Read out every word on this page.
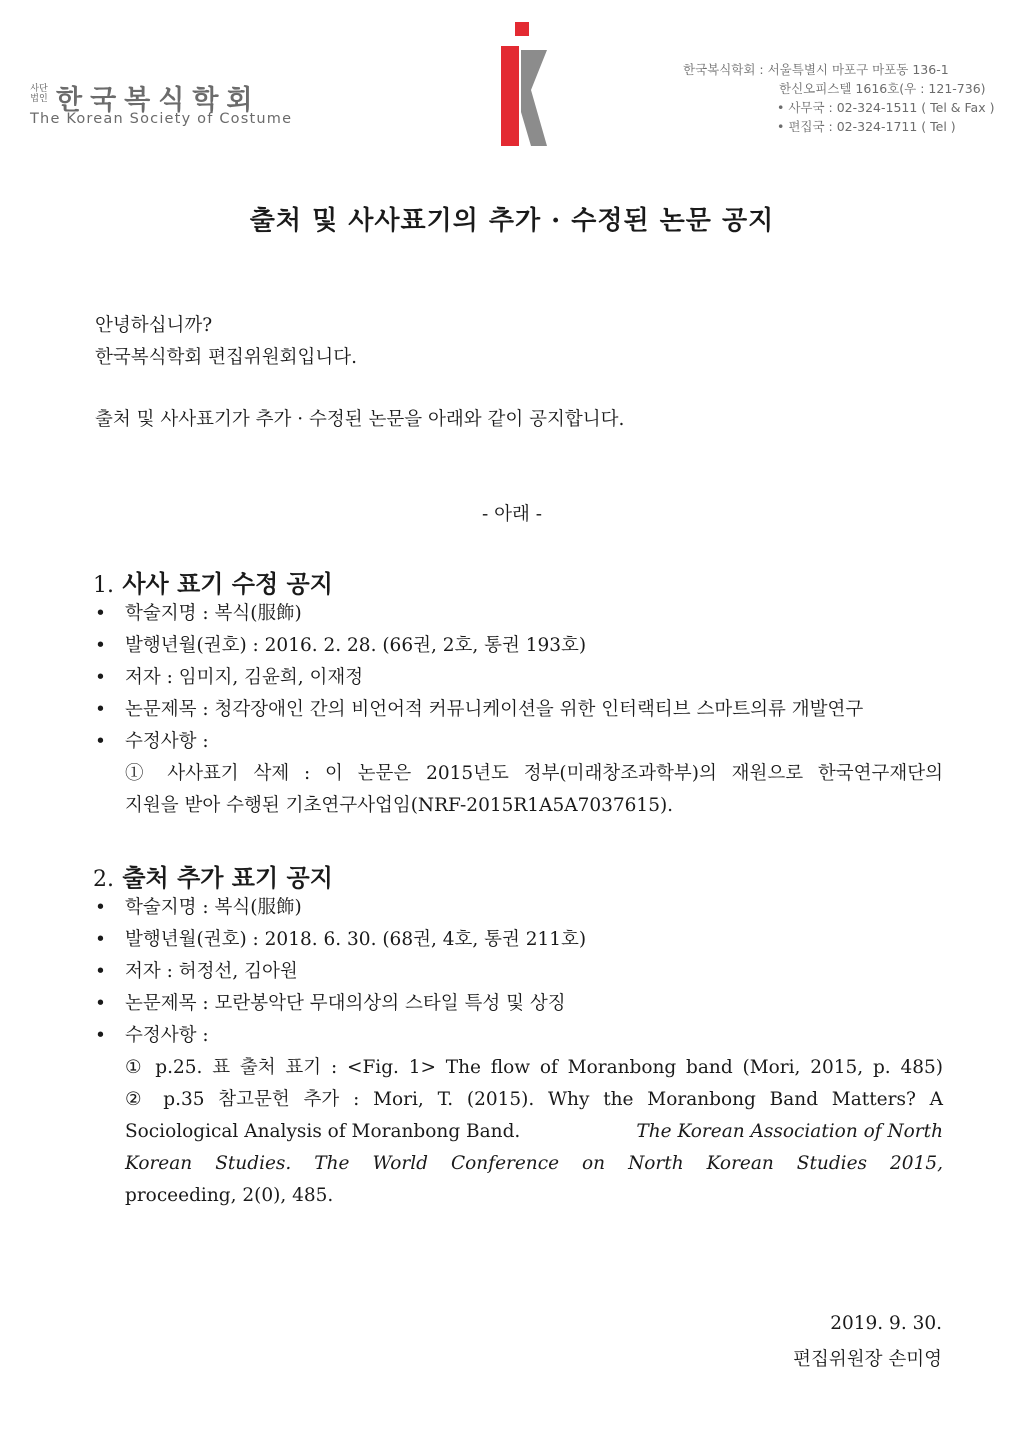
사단법인 한국복식학회
The Korean Society of Costume
한국복식학회 : 서울특별시 마포구 마포동 136-1
한신오피스텔 1616호(우 : 121-736)
• 사무국 : 02-324-1511 ( Tel & Fax )
• 편집국 : 02-324-1711 ( Tel )
출처 및 사사표기의 추가 · 수정된 논문 공지
안녕하십니까?
한국복식학회 편집위원회입니다.
출처 및 사사표기가 추가 · 수정된 논문을 아래와 같이 공지합니다.
- 아래 -
1. 사사 표기 수정 공지
• 학술지명 : 복식(服飾)
• 발행년월(권호) : 2016. 2. 28. (66권, 2호, 통권 193호)
• 저자 : 임미지, 김윤희, 이재정
• 논문제목 : 청각장애인 간의 비언어적 커뮤니케이션을 위한 인터랙티브 스마트의류 개발연구
• 수정사항 :
① 사사표기 삭제 : 이 논문은 2015년도 정부(미래창조과학부)의 재원으로 한국연구재단의
지원을 받아 수행된 기초연구사업임(NRF-2015R1A5A7037615).
2. 출처 추가 표기 공지
• 학술지명 : 복식(服飾)
• 발행년월(권호) : 2018. 6. 30. (68권, 4호, 통권 211호)
• 저자 : 허정선, 김아원
• 논문제목 : 모란봉악단 무대의상의 스타일 특성 및 상징
• 수정사항 :
① p.25. 표 출처 표기 : <Fig. 1> The flow of Moranbong band (Mori, 2015, p. 485)
② p.35 참고문헌 추가 : Mori, T. (2015). Why the Moranbong Band Matters? A
Sociological Analysis of Moranbong Band.	The Korean Association of North
Korean Studies. The World Conference on North Korean Studies 2015,
proceeding, 2(0), 485.
2019. 9. 30.
편집위원장 손미영
